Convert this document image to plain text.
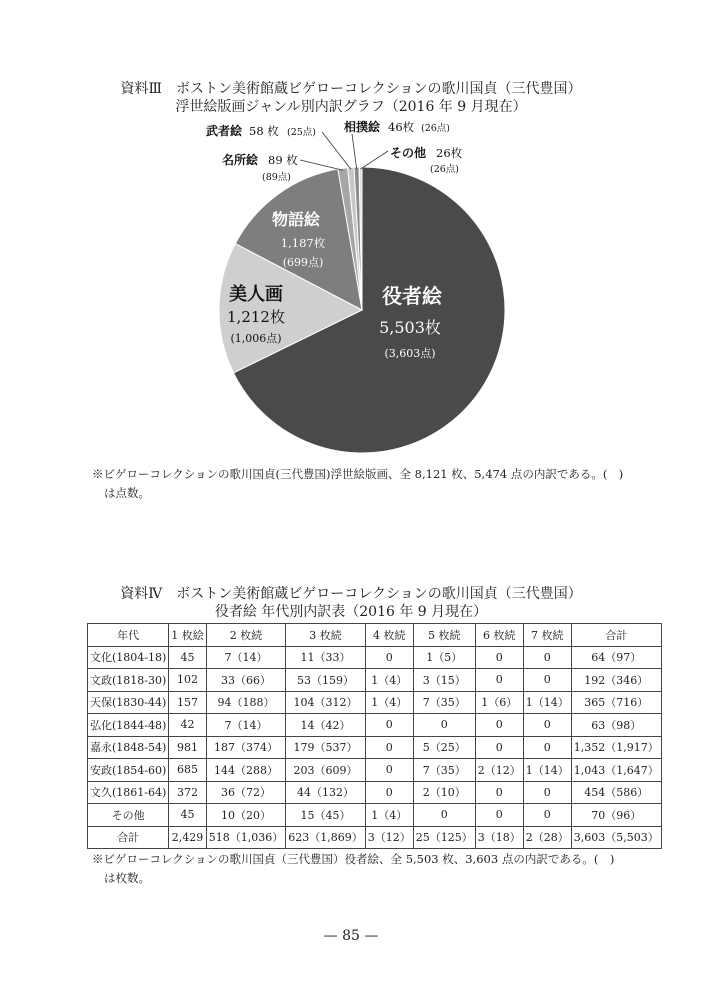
資料Ⅲ　ボストン美術館蔵ビゲローコレクションの歌川国貞（三代豊国）
浮世絵版画ジャンル別内訳グラフ（2016 年 9 月現在）
役者絵
5,503枚
(3,603点)
美人画
1,212枚
(1,006点)
物語絵
1,187枚
(699点)
名所絵 89 枚
(89点)
武者絵 58 枚 (25点) 相撲絵 46枚 (26点)
その他 26枚
(26点)
※ビゲローコレクションの歌川国貞(三代豊国)浮世絵版画、全 8,121 枚、5,474 点の内訳である。(　)
は点数。
資料Ⅳ　ボストン美術館蔵ビゲローコレクションの歌川国貞（三代豊国）
役者絵 年代別内訳表（2016 年 9 月現在）
年代	1 枚絵	2 枚続	3 枚続	4 枚続	5 枚続	6 枚続	7 枚続	合計
文化(1804-18)	45	7（14）	11（33）	0	1（5）	0	0	64（97）
文政(1818-30)	102	33（66）	53（159）	1（4）	3（15）	0	0	192（346）
天保(1830-44)	157	94（188）	104（312）	1（4）	7（35）	1（6）	1（14）	365（716）
弘化(1844-48)	42	7（14）	14（42）	0	0	0	0	63（98）
嘉永(1848-54)	981	187（374）	179（537）	0	5（25）	0	0	1,352（1,917）
安政(1854-60)	685	144（288）	203（609）	0	7（35）	2（12）	1（14）	1,043（1,647）
文久(1861-64)	372	36（72）	44（132）	0	2（10）	0	0	454（586）
その他	45	10（20）	15（45）	1（4）	0	0	0	70（96）
合計	2,429	518（1,036）	623（1,869）	3（12）	25（125）	3（18）	2（28）	3,603（5,503）
※ビゲローコレクションの歌川国貞（三代豊国）役者絵、全 5,503 枚、3,603 点の内訳である。(　)
は枚数。
— 85 —
